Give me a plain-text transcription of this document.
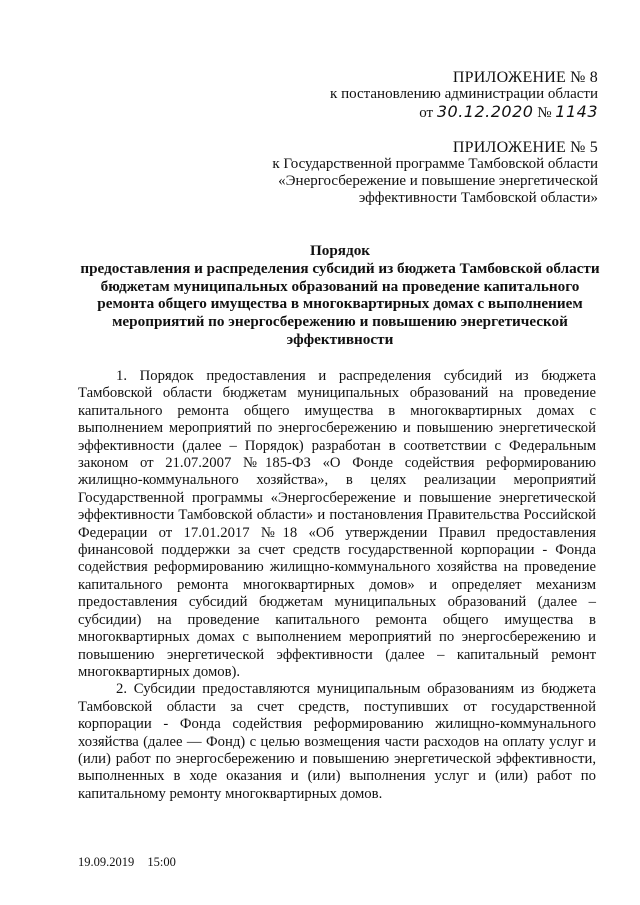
ПРИЛОЖЕНИЕ № 8
к постановлению администрации области
от 30.12.2020 № 1143
ПРИЛОЖЕНИЕ № 5
к Государственной программе Тамбовской области
«Энергосбережение и повышение энергетической
эффективности Тамбовской области»
Порядок
предоставления и распределения субсидий из бюджета Тамбовской области
бюджетам муниципальных образований на проведение капитального
ремонта общего имущества в многоквартирных домах с выполнением
мероприятий по энергосбережению и повышению энергетической
эффективности

1. Порядок предоставления и распределения субсидий из бюджета Тамбовской области бюджетам муниципальных образований на проведение капитального ремонта общего имущества в многоквартирных домах с выполнением мероприятий по энергосбережению и повышению энергетической эффективности (далее – Порядок) разработан в соответствии с Федеральным законом от 21.07.2007 №185-ФЗ «О Фонде содействия реформированию жилищно-коммунального хозяйства», в целях реализации мероприятий Государственной программы «Энергосбережение и повышение энергетической эффективности Тамбовской области» и постановления Правительства Российской Федерации от 17.01.2017 №18 «Об утверждении Правил предоставления финансовой поддержки за счет средств государственной корпорации - Фонда содействия реформированию жилищно-коммунального хозяйства на проведение капитального ремонта многоквартирных домов» и определяет механизм предоставления субсидий бюджетам муниципальных образований (далее – субсидии) на проведение капитального ремонта общего имущества в многоквартирных домах с выполнением мероприятий по энергосбережению и повышению энергетической эффективности (далее – капитальный ремонт многоквартирных домов).

2. Субсидии предоставляются муниципальным образованиям из бюджета Тамбовской области за счет средств, поступивших от государственной корпорации - Фонда содействия реформированию жилищно-коммунального хозяйства (далее — Фонд) с целью возмещения части расходов на оплату услуг и (или) работ по энергосбережению и повышению энергетической эффективности, выполненных в ходе оказания и (или) выполнения услуг и (или) работ по капитальному ремонту многоквартирных домов.

19.09.2019 15:00
